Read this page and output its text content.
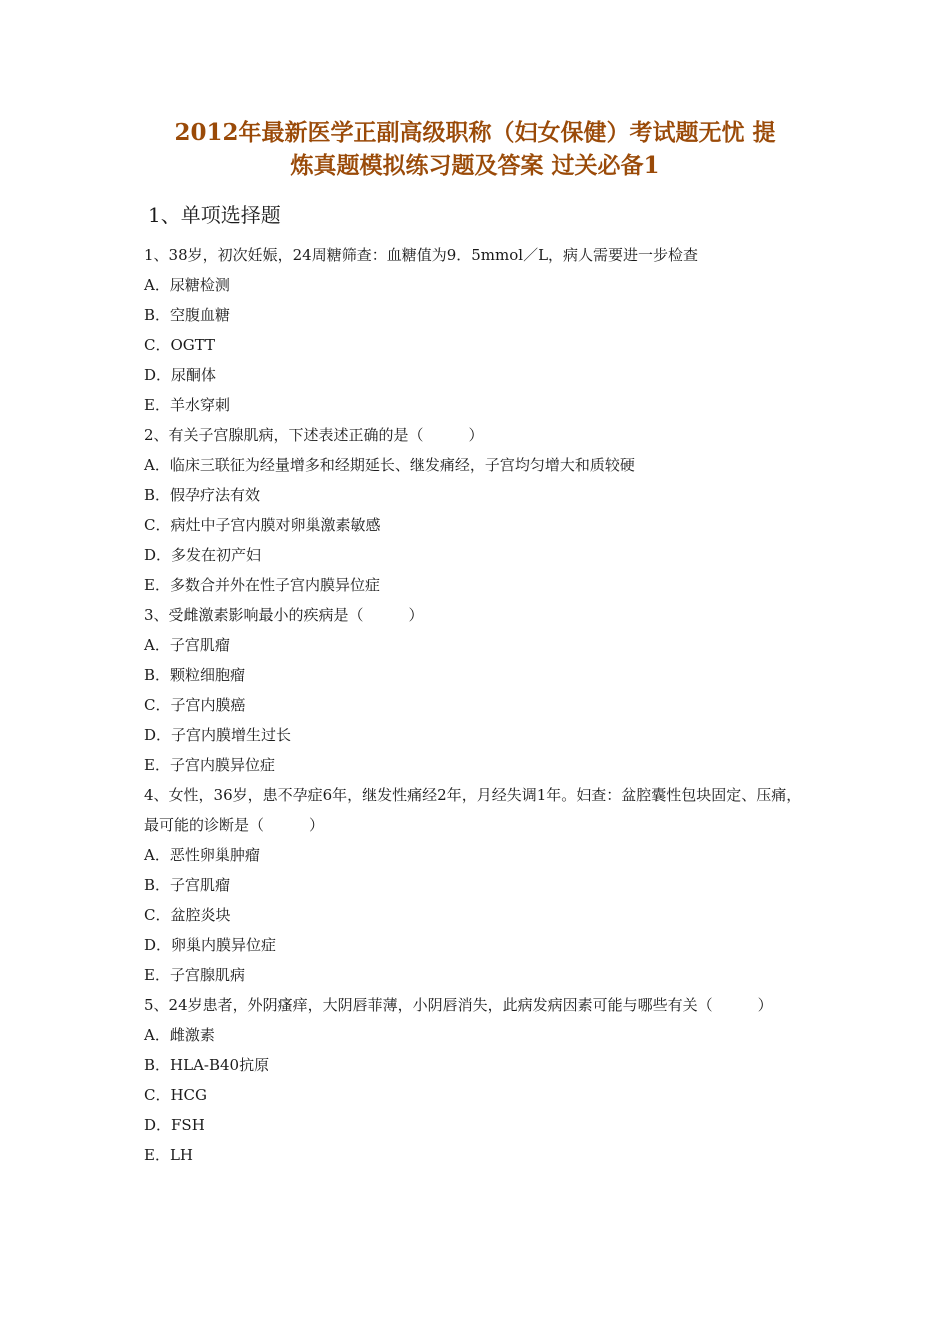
2012年最新医学正副高级职称（妇女保健）考试题无忧 提
炼真题模拟练习题及答案 过关必备1
1、单项选择题

1、38岁，初次妊娠，24周糖筛查：血糖值为9．5mmol／L，病人需要进一步检查

A．尿糖检测

B．空腹血糖

C．OGTT

D．尿酮体

E．羊水穿刺

2、有关子宫腺肌病，下述表述正确的是（　　　）

A．临床三联征为经量增多和经期延长、继发痛经，子宫均匀增大和质较硬

B．假孕疗法有效

C．病灶中子宫内膜对卵巢激素敏感

D．多发在初产妇

E．多数合并外在性子宫内膜异位症

3、受雌激素影响最小的疾病是（　　　）

A．子宫肌瘤

B．颗粒细胞瘤

C．子宫内膜癌

D．子宫内膜增生过长

E．子宫内膜异位症

4、女性，36岁，患不孕症6年，继发性痛经2年，月经失调1年。妇查：盆腔囊性包块固定、压痛，最可能的诊断是（　　　）

A．恶性卵巢肿瘤

B．子宫肌瘤

C．盆腔炎块

D．卵巢内膜异位症

E．子宫腺肌病

5、24岁患者，外阴瘙痒，大阴唇菲薄，小阴唇消失，此病发病因素可能与哪些有关（　　　）

A．雌激素

B．HLA-B40抗原

C．HCG

D．FSH

E．LH
